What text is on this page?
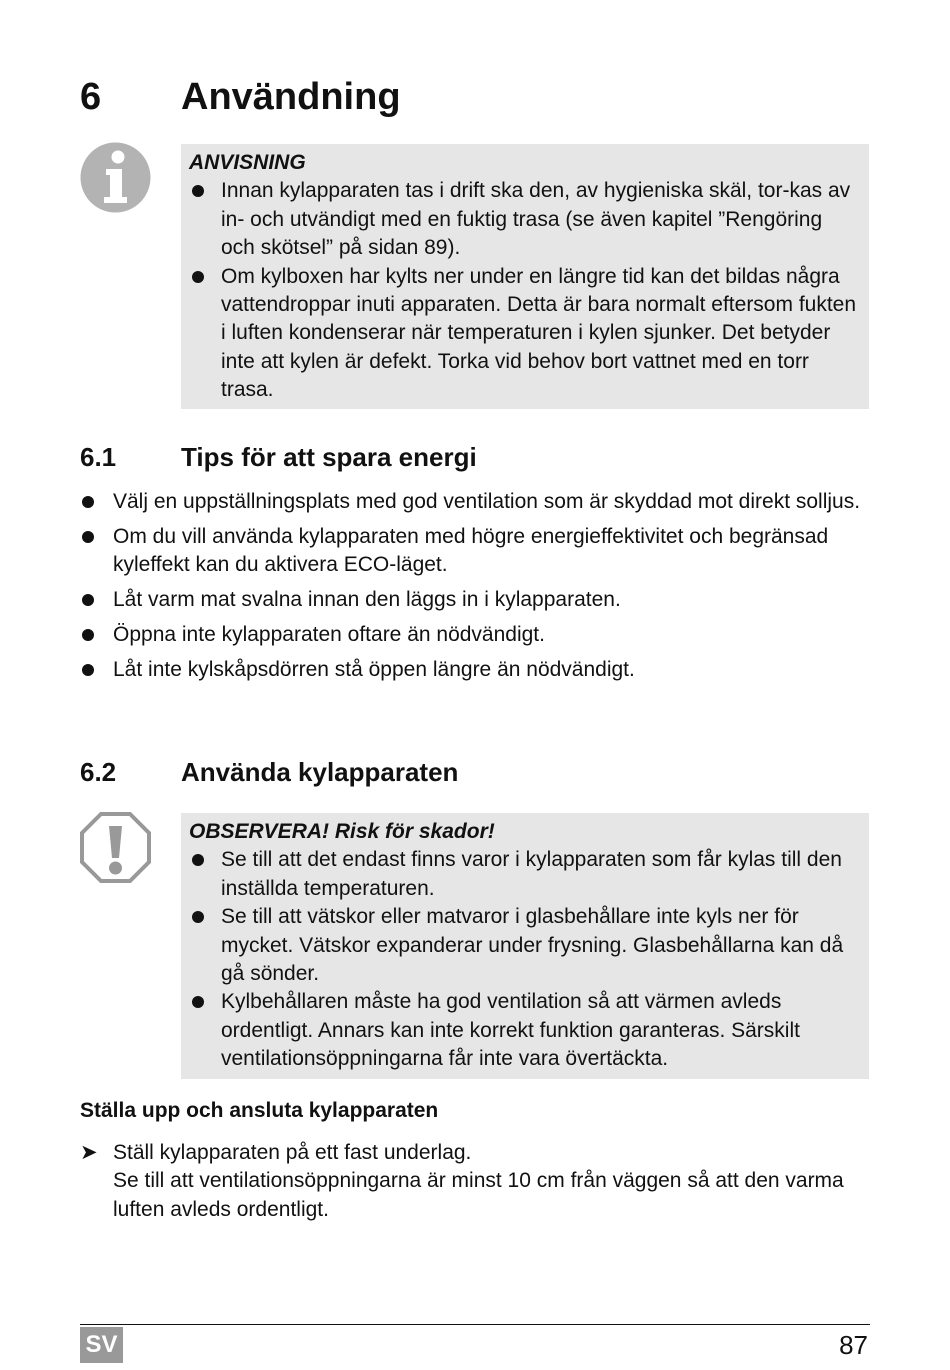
6 Användning
ANVISNING
Innan kylapparaten tas i drift ska den, av hygieniska skäl, tor-kas av in- och utvändigt med en fuktig trasa (se även kapitel ”Rengöring och skötsel” på sidan 89).
Om kylboxen har kylts ner under en längre tid kan det bildas några vattendroppar inuti apparaten. Detta är bara normalt eftersom fukten i luften kondenserar när temperaturen i kylen sjunker. Det betyder inte att kylen är defekt. Torka vid behov bort vattnet med en torr trasa.
6.1 Tips för att spara energi
Välj en uppställningsplats med god ventilation som är skyddad mot direkt solljus.
Om du vill använda kylapparaten med högre energieffektivitet och begränsad kyleffekt kan du aktivera ECO-läget.
Låt varm mat svalna innan den läggs in i kylapparaten.
Öppna inte kylapparaten oftare än nödvändigt.
Låt inte kylskåpsdörren stå öppen längre än nödvändigt.
6.2 Använda kylapparaten
OBSERVERA! Risk för skador!
Se till att det endast finns varor i kylapparaten som får kylas till den inställda temperaturen.
Se till att vätskor eller matvaror i glasbehållare inte kyls ner för mycket. Vätskor expanderar under frysning. Glasbehållarna kan då gå sönder.
Kylbehållaren måste ha god ventilation så att värmen avleds ordentligt. Annars kan inte korrekt funktion garanteras. Särskilt ventilationsöppningarna får inte vara övertäckta.
Ställa upp och ansluta kylapparaten
➤ Ställ kylapparaten på ett fast underlag.
Se till att ventilationsöppningarna är minst 10 cm från väggen så att den varma luften avleds ordentligt.
SV	87
